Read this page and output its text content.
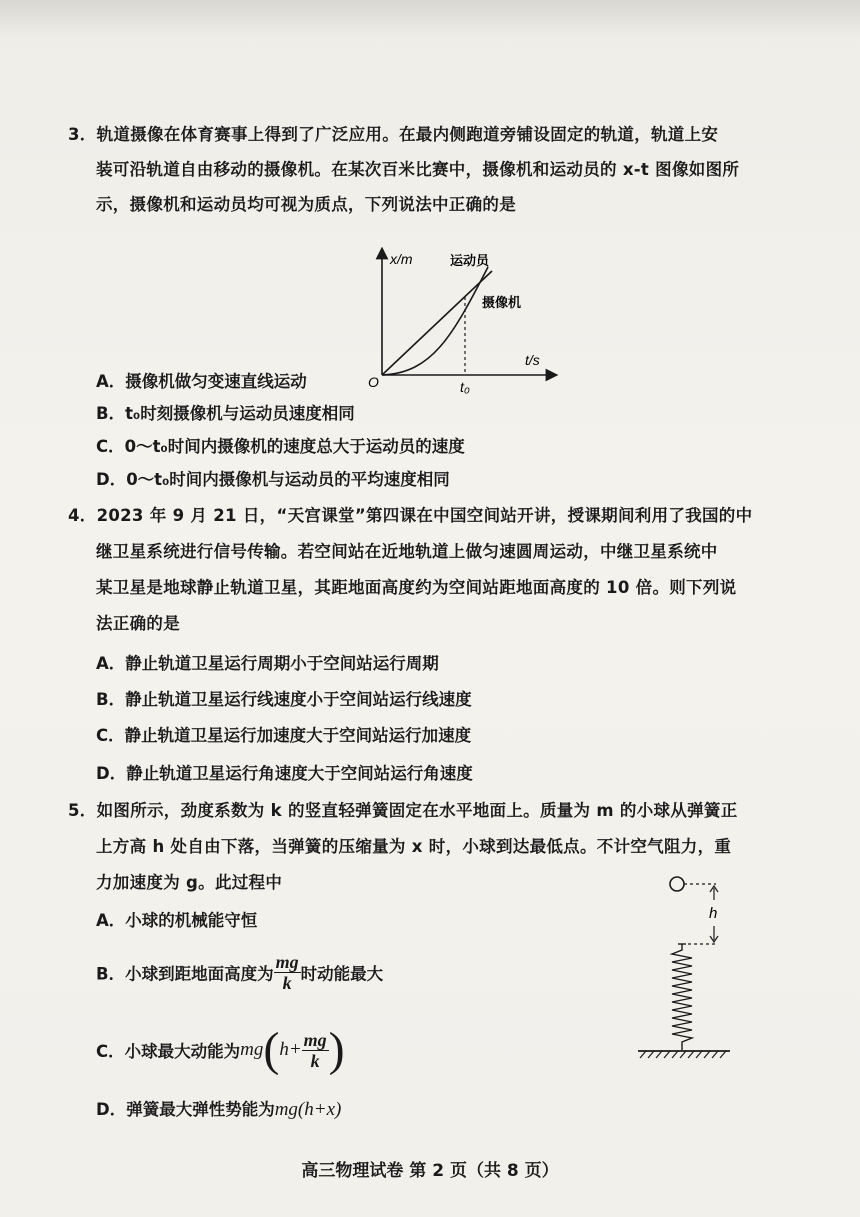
3．轨道摄像在体育赛事上得到了广泛应用。在最内侧跑道旁铺设固定的轨道，轨道上安
装可沿轨道自由移动的摄像机。在某次百米比赛中，摄像机和运动员的 x-t 图像如图所
示，摄像机和运动员均可视为质点，下列说法中正确的是
x/m
t/s
O	t₀
运动员
摄像机
A．摄像机做匀变速直线运动
B．t₀时刻摄像机与运动员速度相同
C．0～t₀时间内摄像机的速度总大于运动员的速度
D．0～t₀时间内摄像机与运动员的平均速度相同
4．2023 年 9 月 21 日，“天宫课堂”第四课在中国空间站开讲，授课期间利用了我国的中
继卫星系统进行信号传输。若空间站在近地轨道上做匀速圆周运动，中继卫星系统中
某卫星是地球静止轨道卫星，其距地面高度约为空间站距地面高度的 10 倍。则下列说
法正确的是
A．静止轨道卫星运行周期小于空间站运行周期
B．静止轨道卫星运行线速度小于空间站运行线速度
C．静止轨道卫星运行加速度大于空间站运行加速度
D．静止轨道卫星运行角速度大于空间站运行角速度
5．如图所示，劲度系数为 k 的竖直轻弹簧固定在水平地面上。质量为 m 的小球从弹簧正
上方高 h 处自由下落，当弹簧的压缩量为 x 时，小球到达最低点。不计空气阻力，重
力加速度为 g。此过程中
A．小球的机械能守恒
B．小球到距地面高度为 $\frac{mg}{k}$ 时动能最大
C．小球最大动能为$mg(h+ \frac{mg}{k}$ )
D．弹簧最大弹性势能为mg(h+x)
h
高三物理试卷 第 2 页（共 8 页）
